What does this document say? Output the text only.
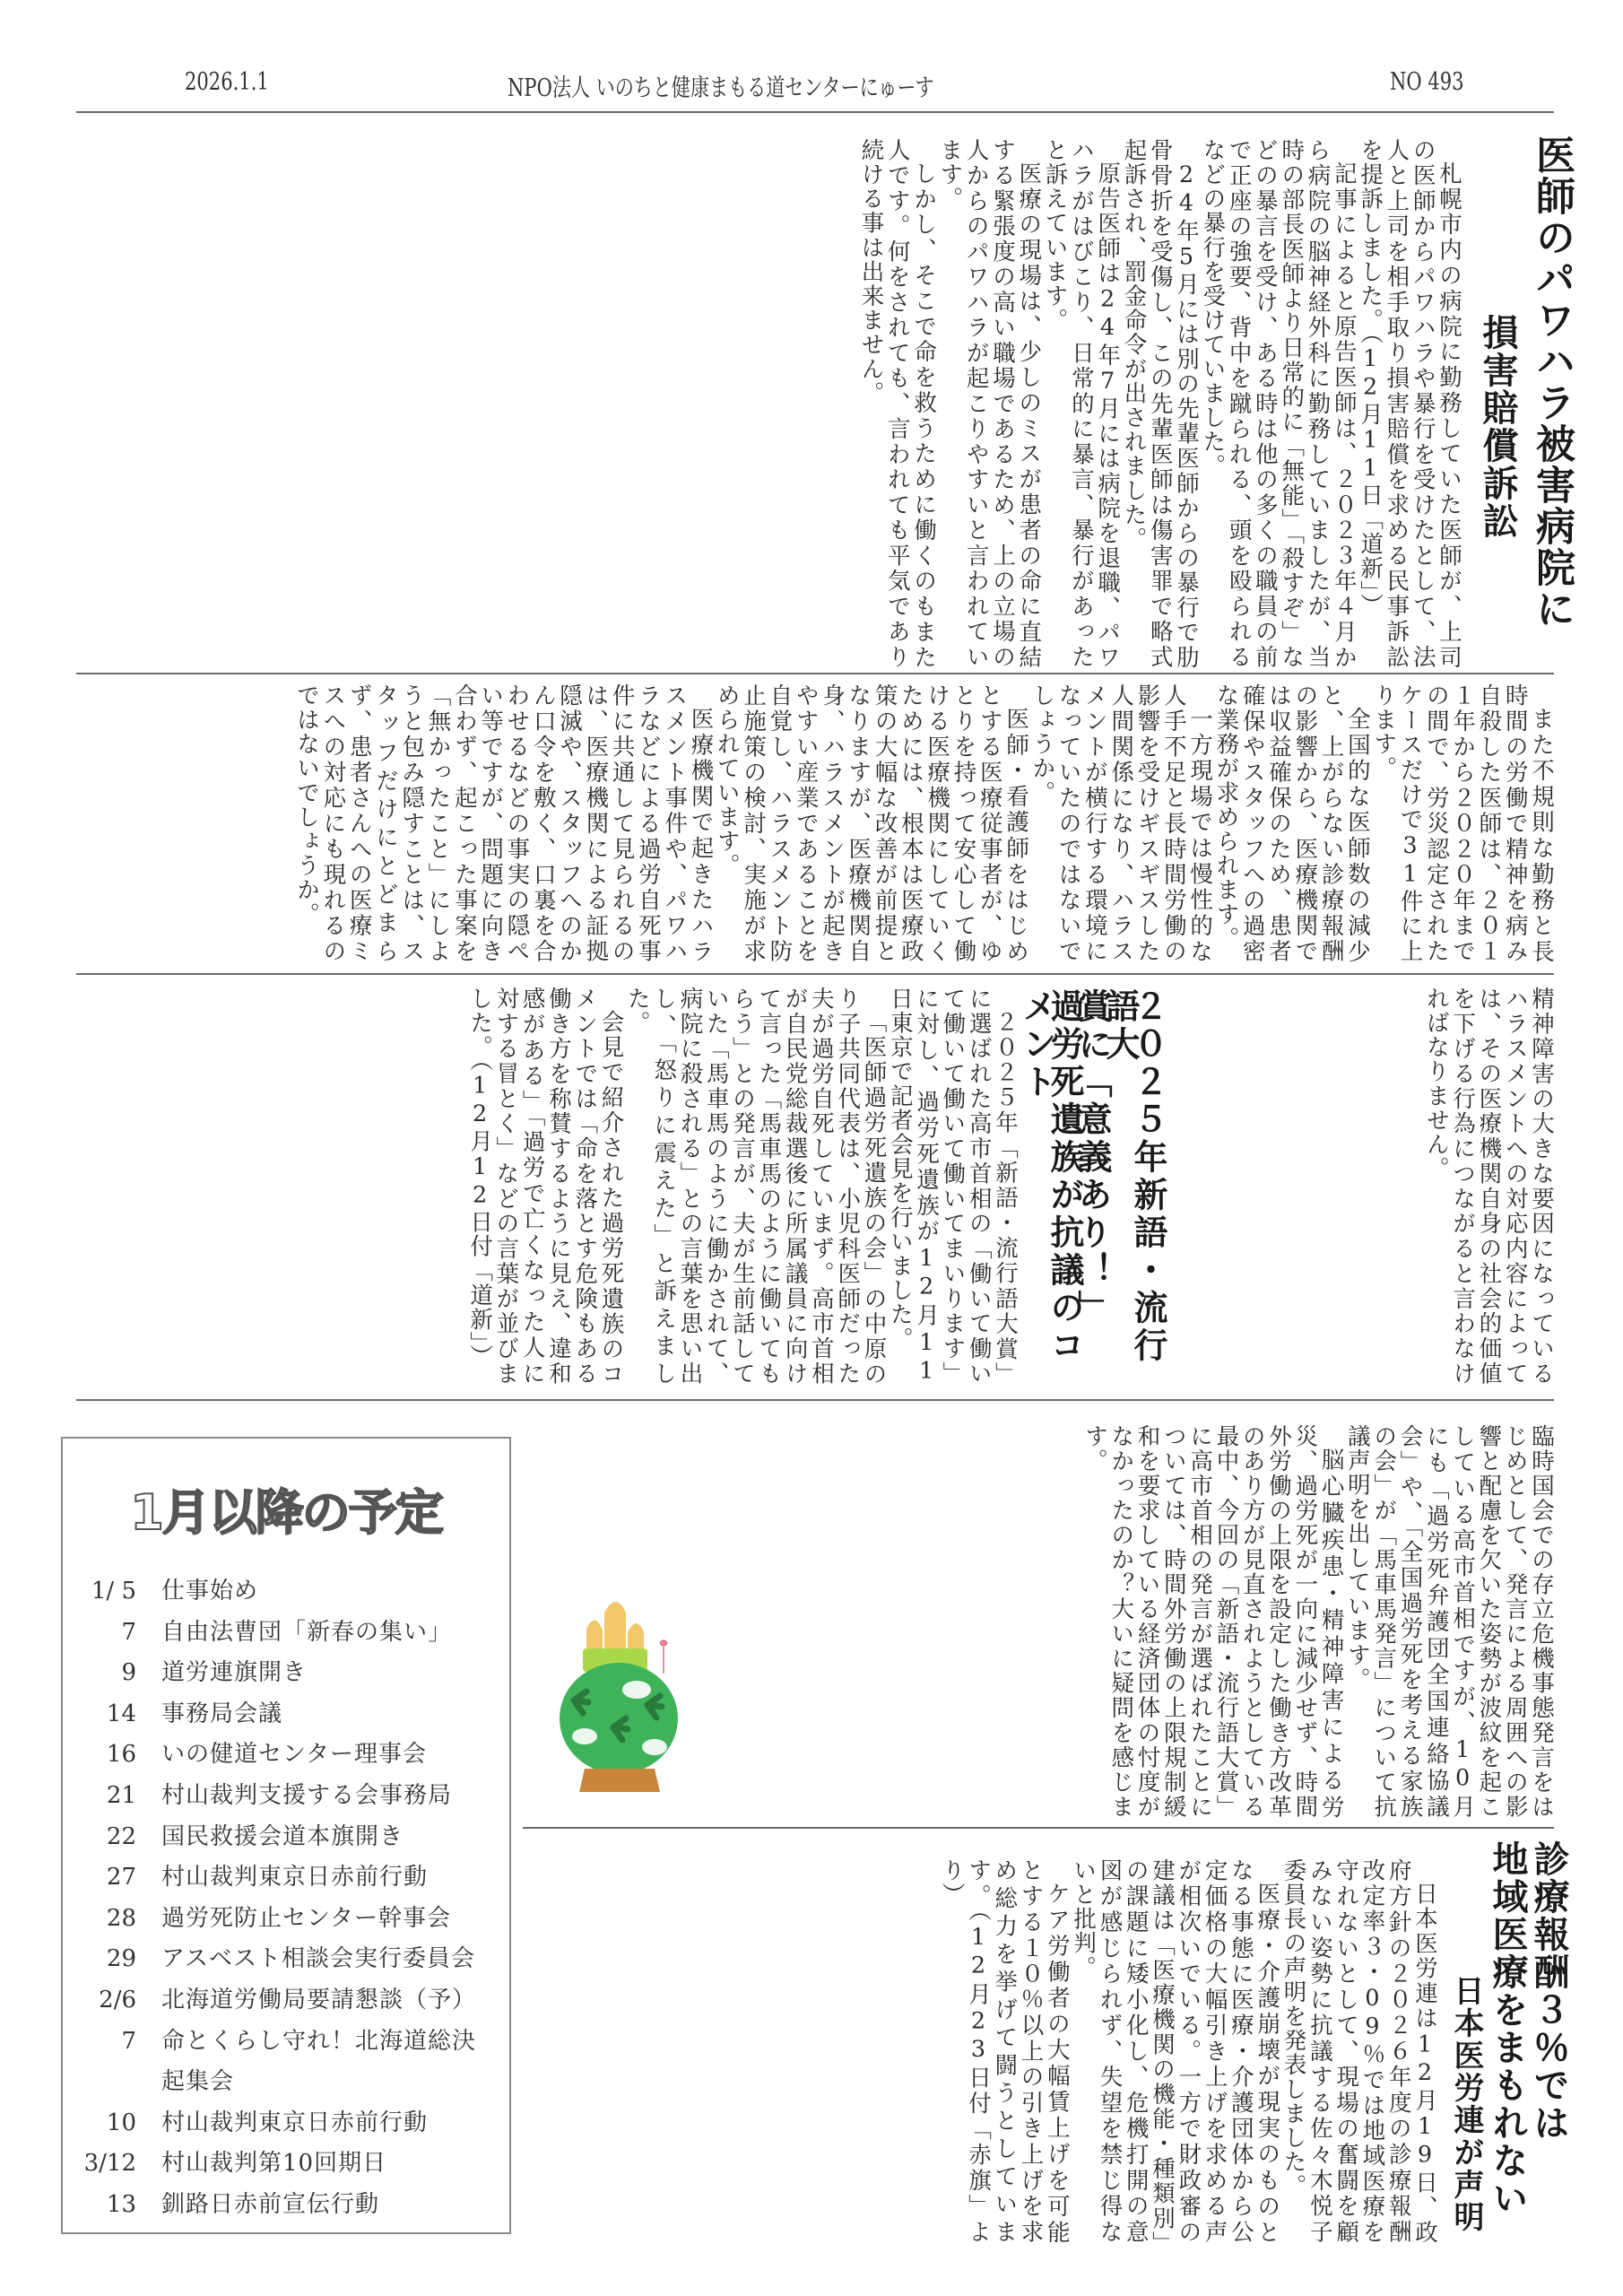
2026.1.1	NPO法人 いのちと健康まもる道センターにゅーす	NO 493
医師のパワハラ被害病院に
損害賠償訴訟

札幌市内の病院に勤務していた医師が、上司の医師からパワハラや暴行を受けたとして、法人と上司を相手取り損害賠償を求める民事訴訟を提訴しました。（12月11日「道新」）

記事によると原告医師は、２０２３年４月から病院の脳神経外科に勤務していましたが、当時の部長医師より日常的に「無能」「殺すぞ」などの暴言を受け、ある時は他の多くの職員の前で正座の強要、背中を蹴られる、頭を殴られるなどの暴行を受けていました。

24年5月には別の先輩医師からの暴行で肋骨骨折を受傷し、この先輩医師は傷害罪で略式起訴され、罰金命令が出されました。

原告医師は24年7月には病院を退職、パワハラがはびこり、日常的に暴言、暴行があったと訴えています。

医療の現場は、少しのミスが患者の命に直結する緊張度の高い職場であるため、上の立場の人からのパワハラが起こりやすいと言われています。

しかし、そこで命を救うために働くのもまた人です。何をされても、言われても平気であり続ける事は出来ません。

また不規則な勤務と長時間の労働で精神を病み自殺した医師は、２０１１年から２０２０年までの間で、労災認定されたケースだけで31件に上ります。

全国的な医師数の減少と、上がらない診療報酬の影響から、医療機関では収益確保のため、患者確保やスタッフへの過密な業務が求められます。

一方現場では慢性的な人手不足と長時間労働の影響を受けギスギスした人間関係になり、ハラスメントが横行する環境になっていたのではないでしょうか。

医師・看護師をはじめとする医療従事者が、ゆとりを持って安心して働ける医療機関にしていくためには、根本は医療政策の大幅な改善が前提となりますが、医療機関自身、ハラスメントが起きやすい産業であることを自覚し、ハラスメント防止施策の検討、実施が求められています。

医療機関で起きたハラスメント事件や、パワハラなどによる過労自死事件に共通して見られるのは、医療機関による証拠隠滅や、スタッフへのかん口令を敷く、口裏を合わせるなどの事実の隠ぺい等ですが、問題に向き合わず、起こった事案を「無かったこと」にしようと包み隠すことは、スタッフだけにとどまらず、患者さんへの医療ミスへの対応にも現れるのではないでしょうか。

精神障害の大きな要因になっているハラスメントへの対応内容によっては、その医療機関自身の社会的価値を下げる行為につながると言わなければなりません。

２０２５年新語・流行語大
賞に「意義あり！」
過労死遺族が抗議のコメント

２０２５年「新語・流行語大賞」に選ばれた高市首相の「働いて働いて働いて働いて働いてまいります」に対し、過労死遺族が12月11日東京で記者会見を行いました。

「医師過労死遺族の会」の中原のり子共同代表は、小児科医師だった夫が過労自死していまず。高市首相が自民党総裁選後に所属議員に向けて言った「馬車馬のように働いてもらう」との発言が、夫が生前話していた「馬車馬のように働かされて、病院に殺される」との言葉を思い出し、「怒りに震えた」と訴えました。

会見で紹介された過労死遺族のコメントでは「命を落とす危険もある働き方を称賛するように見え、違和感がある」「過労で亡くなった人に対する冒とく」などの言葉が並びました。（12月12日付「道新」）

臨時国会での存立危機事態発言をはじめとして、発言による周囲への影響と配慮を欠いた姿勢が波紋を起こしている高市首相ですが、10月にも「過労死弁護団全国連絡協議会」や、「全国過労死を考える家族の会」が「馬車馬発言」について抗議声明を出しています。

脳心臓疾患・精神障害による労災、過労死が一向に減少せず、時間外労働の上限を設定した働き方改革のあり方が見直されようとしている最中、今回の「新語・流行語大賞」に高市首相の発言が選ばれたことについては、時間外労働の上限規制緩和を要求している経済団体の忖度がなかったのか？大いに疑問を感じます。

診療報酬３％では
地域医療をまもれない
日本医労連が声明

日本医労連は12月19日、政府方針の２０２６年度の診療報酬改定率３・09％では地域医療を守れないとして、現場の奮闘を顧みない姿勢に抗議する佐々木悦子委員長の声明を発表しました。

医療・介護崩壊が現実のものとなる事態に医療・介護団体から公定価格の大幅引き上げを求める声が相次いでいる。一方で財政審の建議は「医療機関の機能・種類別」の課題に矮小化し、危機打開の意図が感じられず、失望を禁じ得ないと批判。

ケア労働者の大幅賃上げを可能とする１０％以上の引き上げを求め総力を挙げて闘うとしています。（12月23日付「赤旗」より）

1月以降の予定
1/ 5	仕事始め
7	自由法曹団「新春の集い」
9	道労連旗開き
14	事務局会議
16	いの健道センター理事会
21	村山裁判支援する会事務局
22	国民救援会道本旗開き
27	村山裁判東京日赤前行動
28	過労死防止センター幹事会
29	アスベスト相談会実行委員会
2/6	北海道労働局要請懇談（予）
7	命とくらし守れ！北海道総決
起集会
10	村山裁判東京日赤前行動
3/12	村山裁判第10回期日
13	釧路日赤前宣伝行動
